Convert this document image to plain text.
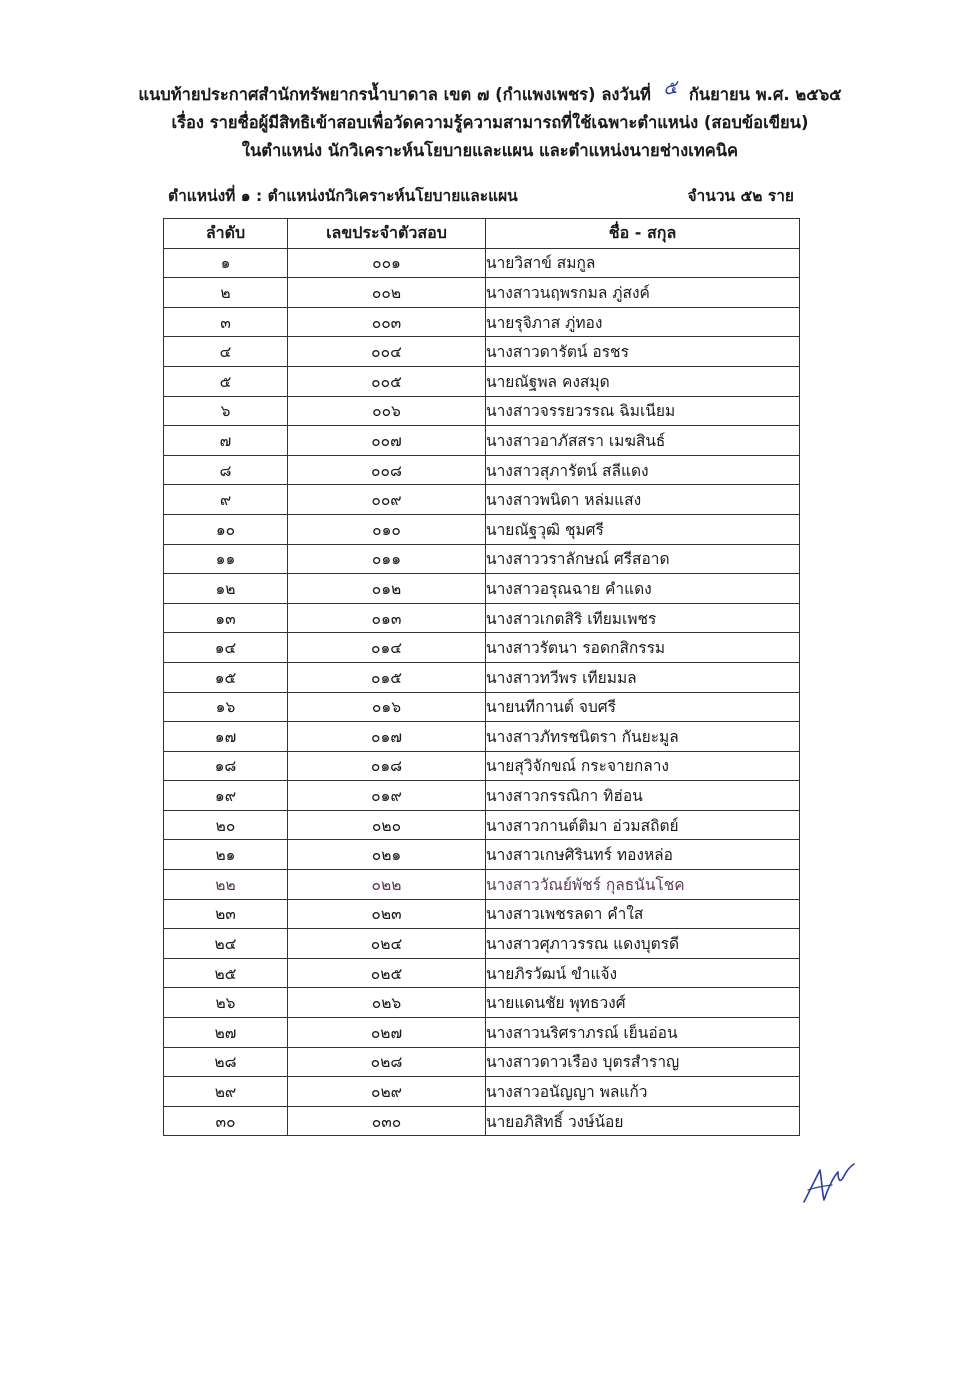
แนบท้ายประกาศสำนักทรัพยากรน้ำบาดาล เขต ๗ (กำแพงเพชร) ลงวันที่ ๕ กันยายน พ.ศ. ๒๕๖๕
เรื่อง รายชื่อผู้มีสิทธิเข้าสอบเพื่อวัดความรู้ความสามารถที่ใช้เฉพาะตำแหน่ง (สอบข้อเขียน)
ในตำแหน่ง นักวิเคราะห์นโยบายและแผน และตำแหน่งนายช่างเทคนิค
ตำแหน่งที่ ๑ : ตำแหน่งนักวิเคราะห์นโยบายและแผน	จำนวน ๕๒ ราย
ลำดับ	เลขประจำตัวสอบ	ชื่อ - สกุล
๑	๐๐๑	นายวิสาข์ สมกูล
๒	๐๐๒	นางสาวนฤพรกมล ภู่สงค์
๓	๐๐๓	นายรุจิภาส ภู่ทอง
๔	๐๐๔	นางสาวดารัตน์ อรชร
๕	๐๐๕	นายณัฐพล คงสมุด
๖	๐๐๖	นางสาวจรรยวรรณ ฉิมเนียม
๗	๐๐๗	นางสาวอาภัสสรา เมฆสินธ์
๘	๐๐๘	นางสาวสุภารัตน์ สลีแดง
๙	๐๐๙	นางสาวพนิดา หล่มแสง
๑๐	๐๑๐	นายณัฐวุฒิ ชุมศรี
๑๑	๐๑๑	นางสาววราลักษณ์ ศรีสอาด
๑๒	๐๑๒	นางสาวอรุณฉาย คำแดง
๑๓	๐๑๓	นางสาวเกตสิริ เทียมเพชร
๑๔	๐๑๔	นางสาวรัตนา รอดกสิกรรม
๑๕	๐๑๕	นางสาวทวีพร เทียมมล
๑๖	๐๑๖	นายนทีกานต์ จบศรี
๑๗	๐๑๗	นางสาวภัทรชนิตรา กันยะมูล
๑๘	๐๑๘	นายสุวิจักขณ์ กระจายกลาง
๑๙	๐๑๙	นางสาวกรรณิกา ทิฮ่อน
๒๐	๐๒๐	นางสาวกานต์ติมา อ่วมสถิตย์
๒๑	๐๒๑	นางสาวเกษศิรินทร์ ทองหล่อ
๒๒	๐๒๒	นางสาววัณย์พัชร์ กุลธนันโชค
๒๓	๐๒๓	นางสาวเพชรลดา คำใส
๒๔	๐๒๔	นางสาวศุภาวรรณ แดงบุตรดี
๒๕	๐๒๕	นายภิรวัฒน์ ขำแจ้ง
๒๖	๐๒๖	นายแดนชัย พุทธวงศ์
๒๗	๐๒๗	นางสาวนริศราภรณ์ เย็นอ่อน
๒๘	๐๒๘	นางสาวดาวเรือง บุตรสำราญ
๒๙	๐๒๙	นางสาวอนัญญา พลแก้ว
๓๐	๐๓๐	นายอภิสิทธิ์ วงษ์น้อย
